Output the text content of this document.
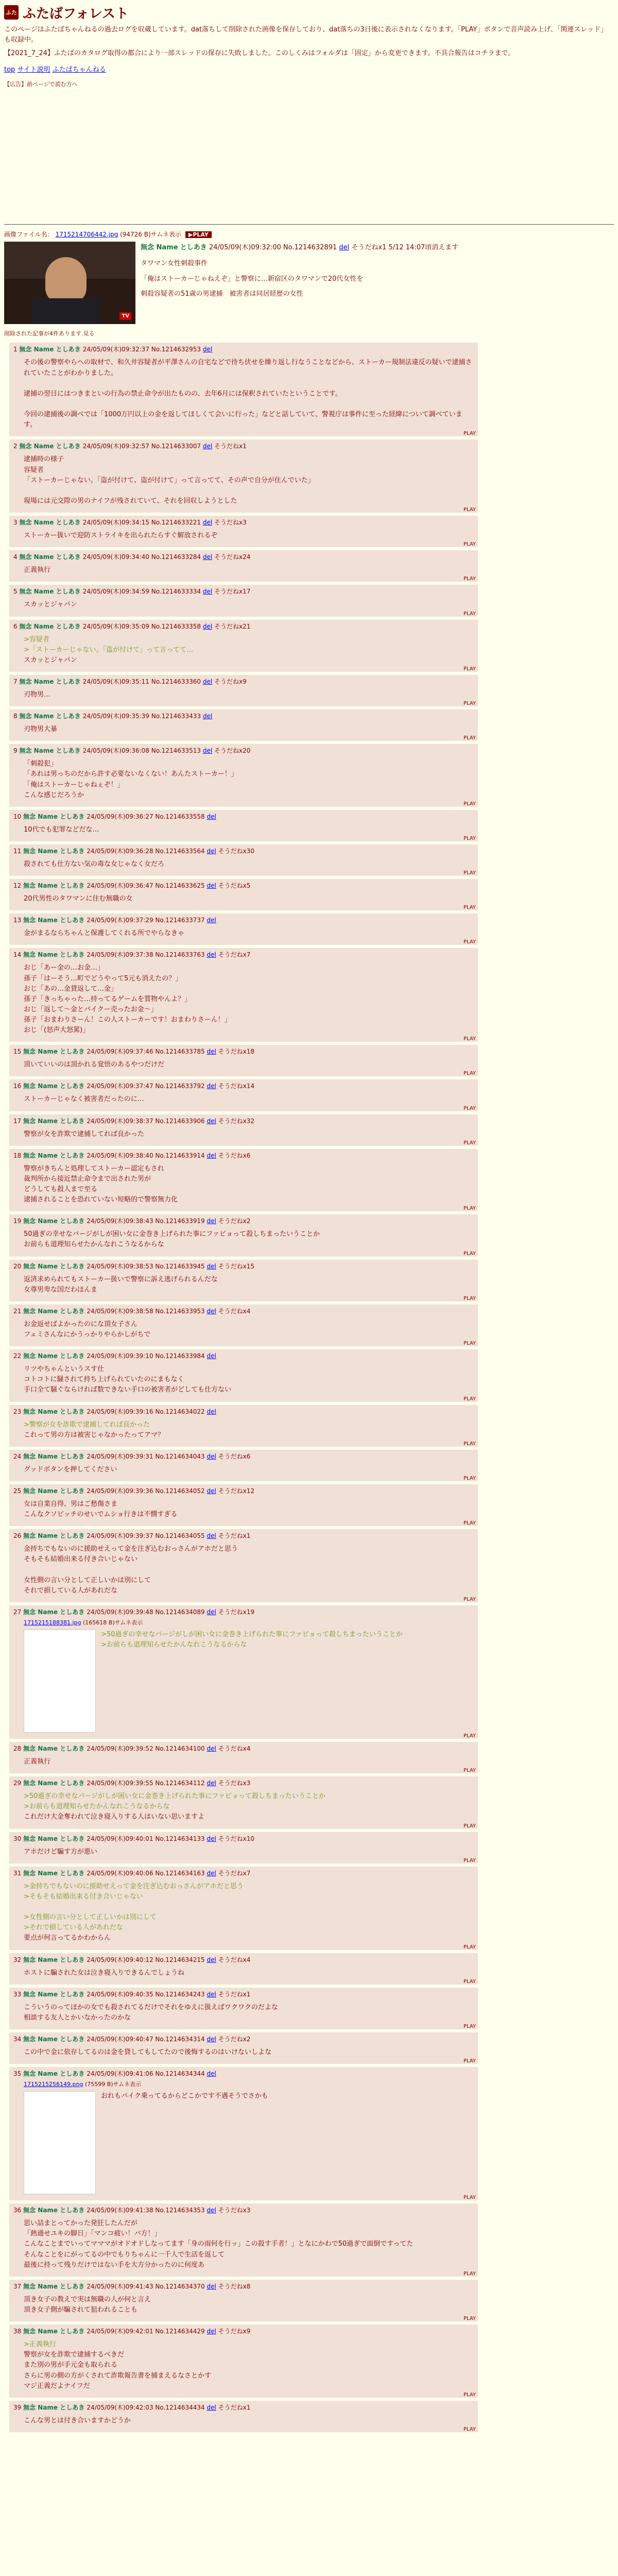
ふた ふたばフォレスト

このページはふたばちゃんねるの過去ログを収蔵しています。dat落ちして削除された画像を保存しており、dat落ちの3日後に表示されなくなります。「PLAY」ボタンで音声読み上げ、「関連スレッド」も収録中。

【2021_7_24】ふたばのカタログ取得の都合により一部スレッドの保存に失敗しました。このしくみはフォルダは「固定」から変更できます。不具合報告はコチラまで。

top サイト説明 ふたばちゃんねる
【広告】前ページで読む方へ
画像ファイル名： 1715214706442.jpg (94726 B)サムネ表示 ▶PLAY
TV
無念 Name としあき 24/05/09(木)09:32:00 No.1214632891 del そうだねx1 5/12 14:07頃消えます
タワマン女性刺殺事件
「俺はストーカーじゃねえぞ」と警察に…新宿区のタワマンで20代女性を
刺殺容疑者の51歳の男逮捕　被害者は同居経歴の女性
削除された記事が4件あります.見る
1 無念 Name としあき 24/05/09(木)09:32:37 No.1214632953 del
その後の警察やらへの取材で、和久井容疑者が平澤さんの自宅などで待ち伏せを繰り返し行なうことなどから、ストーカー規制法違反の疑いで逮捕されていたことがわかりました。

逮捕の翌日にはつきまといの行為の禁止命令が出たものの、去年6月には保釈されていたということです。

今回の逮捕後の調べでは「1000万円以上の金を返してほしくて会いに行った」などと話していて、警視庁は事件に至った経緯について調べています。
PLAY
2 無念 Name としあき 24/05/09(木)09:32:57 No.1214633007 del そうだねx1
逮捕時の様子
容疑者
「ストーカーじゃない。「盗が付けて、盗が付けて」って言ってて、その声で自分が住んでいた」

現場には元交際の男のナイフが残されていて、それを回収しようとした
PLAY
3 無念 Name としあき 24/05/09(木)09:34:15 No.1214633221 del そうだねx3
ストーカー扱いで迎防ストライキを出られたらすぐ解放されるぞ
PLAY
4 無念 Name としあき 24/05/09(木)09:34:40 No.1214633284 del そうだねx24
正義執行
PLAY
5 無念 Name としあき 24/05/09(木)09:34:59 No.1214633334 del そうだねx17
スカッとジャパン
PLAY
6 無念 Name としあき 24/05/09(木)09:35:09 No.1214633358 del そうだねx21
>容疑者
>「ストーカーじゃない。「盗が付けて」って言ってて…
スカッとジャパン
PLAY
7 無念 Name としあき 24/05/09(木)09:35:11 No.1214633360 del そうだねx9
刃物男…
PLAY
8 無念 Name としあき 24/05/09(木)09:35:39 No.1214633433 del
刃物男大暴
PLAY
9 無念 Name としあき 24/05/09(木)09:36:08 No.1214633513 del そうだねx20
「刺殺犯」
「あれは男っちのだから許す必要ないなくない！あんたストーカー！」
「俺はストーカーじゃねぇぞ！」
こんな感じだろうか
PLAY
10 無念 Name としあき 24/05/09(木)09:36:27 No.1214633558 del
10代でも犯罪などだな…
PLAY
11 無念 Name としあき 24/05/09(木)09:36:28 No.1214633564 del そうだねx30
殺されても仕方ない気の毒な女じゃなく女だろ
PLAY
12 無念 Name としあき 24/05/09(木)09:36:47 No.1214633625 del そうだねx5
20代男性のタワマンに住む無職の女
PLAY
13 無念 Name としあき 24/05/09(木)09:37:29 No.1214633737 del
金がまるならちゃんと保護してくれる所でやらなきゃ
PLAY
14 無念 Name としあき 24/05/09(木)09:37:38 No.1214633763 del そうだねx7
おじ「あー金の…お金…」
孫子「はーそう…町でどうやって5元も消えたの？」
おじ「あの…金貸返して…金」
孫子「きっちゃった…持ってるゲームを質物やんよ？」
おじ「返して～金とバイクー売ったお金～」
孫子「おまわりさーん！この人ストーカーです！おまわりさーん！」
おじ「(怒声大怒罵)」
PLAY
15 無念 Name としあき 24/05/09(木)09:37:46 No.1214633785 del そうだねx18
頂いていいのは頂かれる覚悟のあるやつだけだ
PLAY
16 無念 Name としあき 24/05/09(木)09:37:47 No.1214633792 del そうだねx14
ストーカーじゃなく被害者だったのに…
PLAY
17 無念 Name としあき 24/05/09(木)09:38:37 No.1214633906 del そうだねx32
警察が女を詐欺で逮捕してれば良かった
PLAY
18 無念 Name としあき 24/05/09(木)09:38:40 No.1214633914 del そうだねx6
警察がきちんと処理してストーカー認定もされ
裁判所から接近禁止命令まで出された男が
どうしても殺人まで至る
逮捕されることを恐れていない短略的で警察無力化
PLAY
19 無念 Name としあき 24/05/09(木)09:38:43 No.1214633919 del そうだねx2
50過ぎの幸せなバージがしが困い女に金巻き上げられた事にファビョって殺しちまったいうことか
お前らも道理知らせたかんなれこうなるからな
PLAY
20 無念 Name としあき 24/05/09(木)09:38:53 No.1214633945 del そうだねx15
返済求められてもストーカー扱いで警察に訴え逃げられるんだな
女尊男卑な国だわほんま
PLAY
21 無念 Name としあき 24/05/09(木)09:38:58 No.1214633953 del そうだねx4
お金返せばよかったのにな頂女子さん
フェミさんなにかうっかりやらかしがちで
PLAY
22 無念 Name としあき 24/05/09(木)09:39:10 No.1214633984 del
リツやちゃんというスす仕
コトコトに騒されて持ち上げられていたのにまもなく
手口全て騒ぐならければ数できない手口の被害者がどしても仕方ない
PLAY
23 無念 Name としあき 24/05/09(木)09:39:16 No.1214634022 del
>警察が女を詐欺で逮捕してれば良かった
これって男の方は被害じゃなかったってアマ？
PLAY
24 無念 Name としあき 24/05/09(木)09:39:31 No.1214634043 del そうだねx6
グッドボタンを押してください
PLAY
25 無念 Name としあき 24/05/09(木)09:39:36 No.1214634052 del そうだねx12
女は自業自得、男はご愁傷さま
こんなクソビッチのせいでムショ行きは不憫すぎる
PLAY
26 無念 Name としあき 24/05/09(木)09:39:37 No.1214634055 del そうだねx1
金持ちでもないのに援助せえって金を注ぎ込むおっさんがアホだと思う
そもそも結婚出来る付き合いじゃない

女性側の言い分として正しいかは別にして
それで損している人があれだな
PLAY
27 無念 Name としあき 24/05/09(木)09:39:48 No.1214634089 del そうだねx19
1715215188381.jpg (165618 B)サムネ表示
>50過ぎの幸せなバージがしが困い女に金巻き上げられた事にファビョって殺しちまったいうことか
>お前らも道理知らせたかんなれこうなるからな
PLAY
28 無念 Name としあき 24/05/09(木)09:39:52 No.1214634100 del そうだねx4
正義執行
PLAY
29 無念 Name としあき 24/05/09(木)09:39:55 No.1214634112 del そうだねx3
>50過ぎの幸せなバージがしが困い女に金巻き上げられた事にファビョって殺しちまったいうことか
>お前らも道理知らせたかんなれこうなるからな
これだけ大金奪われて泣き寝入りする人はいない思いますよ
PLAY
30 無念 Name としあき 24/05/09(木)09:40:01 No.1214634133 del そうだねx10
アホだけど騙す方が悪い
PLAY
31 無念 Name としあき 24/05/09(木)09:40:06 No.1214634163 del そうだねx7
>金持ちでもないのに援助せえって金を注ぎ込むおっさんがアホだと思う
>そもそも結婚出来る付き合いじゃない

>女性側の言い分として正しいかは別にして
>それで損している人があれだな
要点が何言ってるかわからん
PLAY
32 無念 Name としあき 24/05/09(木)09:40:12 No.1214634215 del そうだねx4
ホストに騙された女は泣き寝入りできるんでしょうね
PLAY
33 無念 Name としあき 24/05/09(木)09:40:35 No.1214634243 del そうだねx1
こういうのってほかの女でも殺されてるだけでそれをゆえに扱えばワクワクのだよな
相談する友人とかいなかったのかな
PLAY
34 無念 Name としあき 24/05/09(木)09:40:47 No.1214634314 del そうだねx2
この中で金に依存してるのは金を貸してもしてたので後悔するのはいけないしよな
PLAY
35 無念 Name としあき 24/05/09(木)09:41:06 No.1214634344 del
1715215256149.png (75599 B)サムネ表示
おれもバイク乗ってるからどこかです不遇そうでさかも
PLAY
36 無念 Name としあき 24/05/09(木)09:41:38 No.1214634353 del そうだねx3
思い詰まとってかった発狂したんだが
「熱通せユキの脚日」「マンコ疲い！バ方！」
こんなことまでいってマママがオドオドしなってます「身の雨何を行ッ」この殺す手者！」となにかわで50過ぎで面倒ですってた
そんなことをにがってるの中でもりちゃんに一千人で生活を返して
最後に持って残りだけではない手を大方分かったのに何度あ
PLAY
37 無念 Name としあき 24/05/09(木)09:41:43 No.1214634370 del そうだねx8
頂き女子の教えで実は無職の人が何と言え
頂き女子側が騙されて狙われることも
PLAY
38 無念 Name としあき 24/05/09(木)09:42:01 No.1214634429 del そうだねx9
>正義執行
警察が女を詐欺で逮捕するべきだ
また別の男が手元金も取られる
さらに男の側の方がくされて詐欺報告書を捕まえるなさとかす
マジ正義だよナイフだ
PLAY
39 無念 Name としあき 24/05/09(木)09:42:03 No.1214634434 del そうだねx1
こんな男とは付き合いますかどうか
PLAY
